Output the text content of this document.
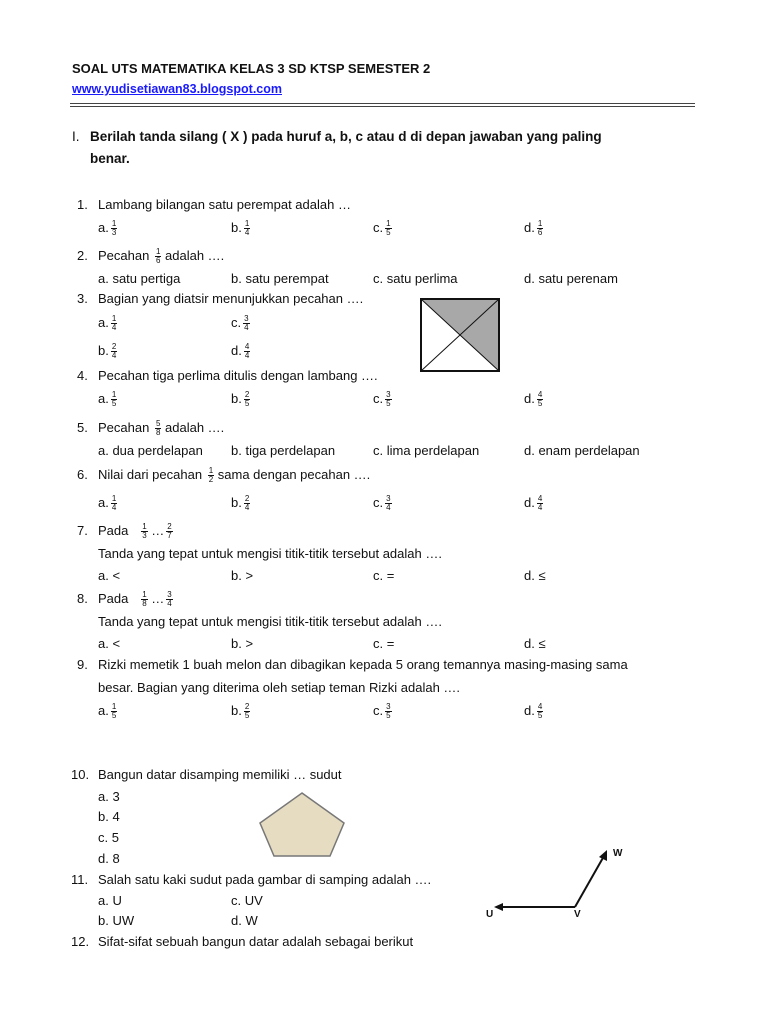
SOAL UTS MATEMATIKA KELAS 3 SD KTSP SEMESTER 2
www.yudisetiawan83.blogspot.com
I. Berilah tanda silang ( X ) pada huruf a, b, c atau d di depan jawaban yang paling
benar.
1. Lambang bilangan satu perempat adalah …
a. $\frac{1}{3}$	b. $\frac{1}{4}$	c. $\frac{1}{5}$	d. $\frac{1}{6}$
2. Pecahan $\frac{1}{6}$ adalah ….
a. satu pertiga	b. satu perempat	c. satu perlima	d. satu perenam
3. Bagian yang diatsir menunjukkan pecahan ….
a. $\frac{1}{4}$	c. $\frac{3}{4}$
b. $\frac{2}{4}$	d. $\frac{4}{4}$
4. Pecahan tiga perlima ditulis dengan lambang ….
a. $\frac{1}{5}$	b. $\frac{2}{5}$	c. $\frac{3}{5}$	d. $\frac{4}{5}$
5. Pecahan $\frac{5}{8}$ adalah ….
a. dua perdelapan b. tiga perdelapan	c. lima perdelapan	d. enam perdelapan
6. Nilai dari pecahan $\frac{1}{2}$ sama dengan pecahan ….
a. $\frac{1}{4}$	b. $\frac{2}{4}$	c. $\frac{3}{4}$	d. $\frac{4}{4}$
7. Pada $\frac{1}{3}$ … $\frac{2}{7}$
Tanda yang tepat untuk mengisi titik-titik tersebut adalah ….
a. <	b. >	c. =	d. ≤
8. Pada $\frac{1}{8}$ … $\frac{3}{4}$
Tanda yang tepat untuk mengisi titik-titik tersebut adalah ….
a. <	b. >	c. =	d. ≤
9. Rizki memetik 1 buah melon dan dibagikan kepada 5 orang temannya masing-masing sama
besar. Bagian yang diterima oleh setiap teman Rizki adalah ….
a. $\frac{1}{5}$	b. $\frac{2}{5}$	c. $\frac{3}{5}$	d. $\frac{4}{5}$
10. Bangun datar disamping memiliki … sudut
a. 3
b. 4
c. 5
d. 8
11. Salah satu kaki sudut pada gambar di samping adalah ….
a. U	c. UV
b. UW	d. W
W
U	V
12. Sifat-sifat sebuah bangun datar adalah sebagai berikut
